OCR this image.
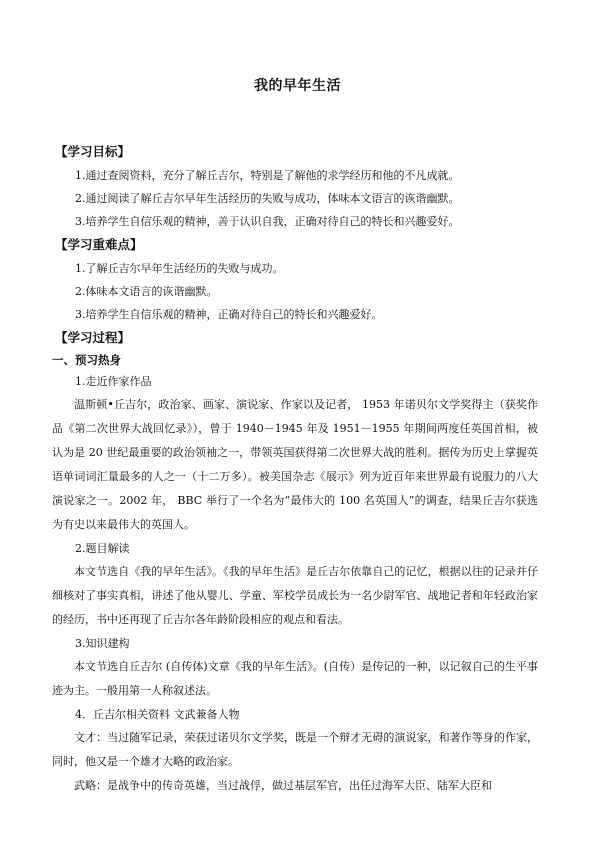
我的早年生活
【学习目标】
1.通过查阅资料，充分了解丘吉尔，特别是了解他的求学经历和他的不凡成就。
2.通过阅读了解丘吉尔早年生活经历的失败与成功，体味本文语言的诙谐幽默。
3.培养学生自信乐观的精神，善于认识自我，正确对待自己的特长和兴趣爱好。
【学习重难点】
1.了解丘吉尔早年生活经历的失败与成功。
2.体味本文语言的诙谐幽默。
3.培养学生自信乐观的精神，正确对待自己的特长和兴趣爱好。
【学习过程】
一、预习热身
1.走近作家作品

温斯顿•丘吉尔，政治家、画家、演说家、作家以及记者， 1953 年诺贝尔文学奖得主（获奖作品《第二次世界大战回忆录》），曾于 1940－1945 年及 1951－1955 年期间两度任英国首相，被认为是 20 世纪最重要的政治领袖之一，带领英国获得第二次世界大战的胜利。据传为历史上掌握英语单词词汇量最多的人之一（十二万多）。被美国杂志《展示》列为近百年来世界最有说服力的八大演说家之一。2002 年， BBC 举行了一个名为“最伟大的 100 名英国人”的调查，结果丘吉尔获选为有史以来最伟大的英国人。

2.题目解读

本文节选自《我的早年生活》。《我的早年生活》是丘吉尔依靠自己的记忆，根据以往的记录并仔细核对了事实真相，讲述了他从婴儿、学童、军校学员成长为一名少尉军官、战地记者和年轻政治家的经历，书中还再现了丘吉尔各年龄阶段相应的观点和看法。

3.知识建构

本文节选自丘吉尔 (自传体)文章《我的早年生活》。(自传）是传记的一种，以记叙自己的生平事迹为主。一般用第一人称叙述法。

4．丘吉尔相关资料 文武兼备人物

文才：当过随军记录，荣获过诺贝尔文学奖，既是一个辩才无碍的演说家，和著作等身的作家，同时，他又是一个雄才大略的政治家。

武略：是战争中的传奇英雄，当过战俘，做过基层军官，出任过海军大臣、陆军大臣和
